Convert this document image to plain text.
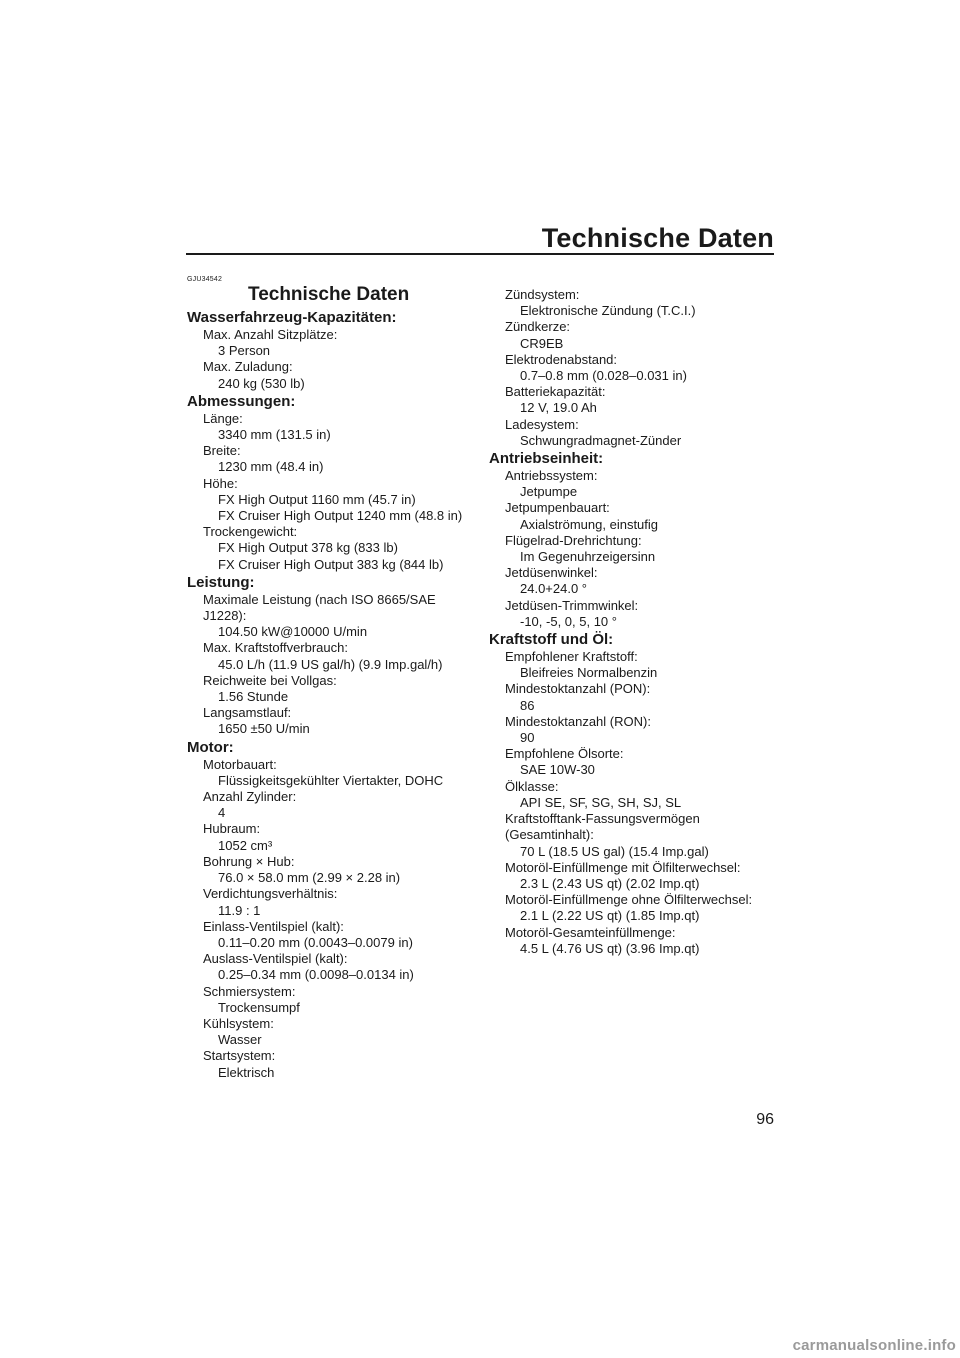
Technische Daten
GJU34542
Technische Daten
Wasserfahrzeug-Kapazitäten:
Max. Anzahl Sitzplätze:
3 Person
Max. Zuladung:
240 kg (530 lb)
Abmessungen:
Länge:
3340 mm (131.5 in)
Breite:
1230 mm (48.4 in)
Höhe:
FX High Output 1160 mm (45.7 in)
FX Cruiser High Output 1240 mm (48.8 in)
Trockengewicht:
FX High Output 378 kg (833 lb)
FX Cruiser High Output 383 kg (844 lb)
Leistung:
Maximale Leistung (nach ISO 8665/SAE J1228):
104.50 kW@10000 U/min
Max. Kraftstoffverbrauch:
45.0 L/h (11.9 US gal/h) (9.9 Imp.gal/h)
Reichweite bei Vollgas:
1.56 Stunde
Langsamstlauf:
1650 ±50 U/min
Motor:
Motorbauart:
Flüssigkeitsgekühlter Viertakter, DOHC
Anzahl Zylinder:
4
Hubraum:
1052 cm³
Bohrung × Hub:
76.0 × 58.0 mm (2.99 × 2.28 in)
Verdichtungsverhältnis:
11.9 : 1
Einlass-Ventilspiel (kalt):
0.11–0.20 mm (0.0043–0.0079 in)
Auslass-Ventilspiel (kalt):
0.25–0.34 mm (0.0098–0.0134 in)
Schmiersystem:
Trockensumpf
Kühlsystem:
Wasser
Startsystem:
Elektrisch
Zündsystem:
Elektronische Zündung (T.C.I.)
Zündkerze:
CR9EB
Elektrodenabstand:
0.7–0.8 mm (0.028–0.031 in)
Batteriekapazität:
12 V, 19.0 Ah
Ladesystem:
Schwungradmagnet-Zünder
Antriebseinheit:
Antriebssystem:
Jetpumpe
Jetpumpenbauart:
Axialströmung, einstufig
Flügelrad-Drehrichtung:
Im Gegenuhrzeigersinn
Jetdüsenwinkel:
24.0+24.0 °
Jetdüsen-Trimmwinkel:
-10, -5, 0, 5, 10 °
Kraftstoff und Öl:
Empfohlener Kraftstoff:
Bleifreies Normalbenzin
Mindestoktanzahl (PON):
86
Mindestoktanzahl (RON):
90
Empfohlene Ölsorte:
SAE 10W-30
Ölklasse:
API SE, SF, SG, SH, SJ, SL
Kraftstofftank-Fassungsvermögen
(Gesamtinhalt):
70 L (18.5 US gal) (15.4 Imp.gal)
Motoröl-Einfüllmenge mit Ölfilterwechsel:
2.3 L (2.43 US qt) (2.02 Imp.qt)
Motoröl-Einfüllmenge ohne Ölfilterwechsel:
2.1 L (2.22 US qt) (1.85 Imp.qt)
Motoröl-Gesamteinfüllmenge:
4.5 L (4.76 US qt) (3.96 Imp.qt)
96
carmanualsonline.info
